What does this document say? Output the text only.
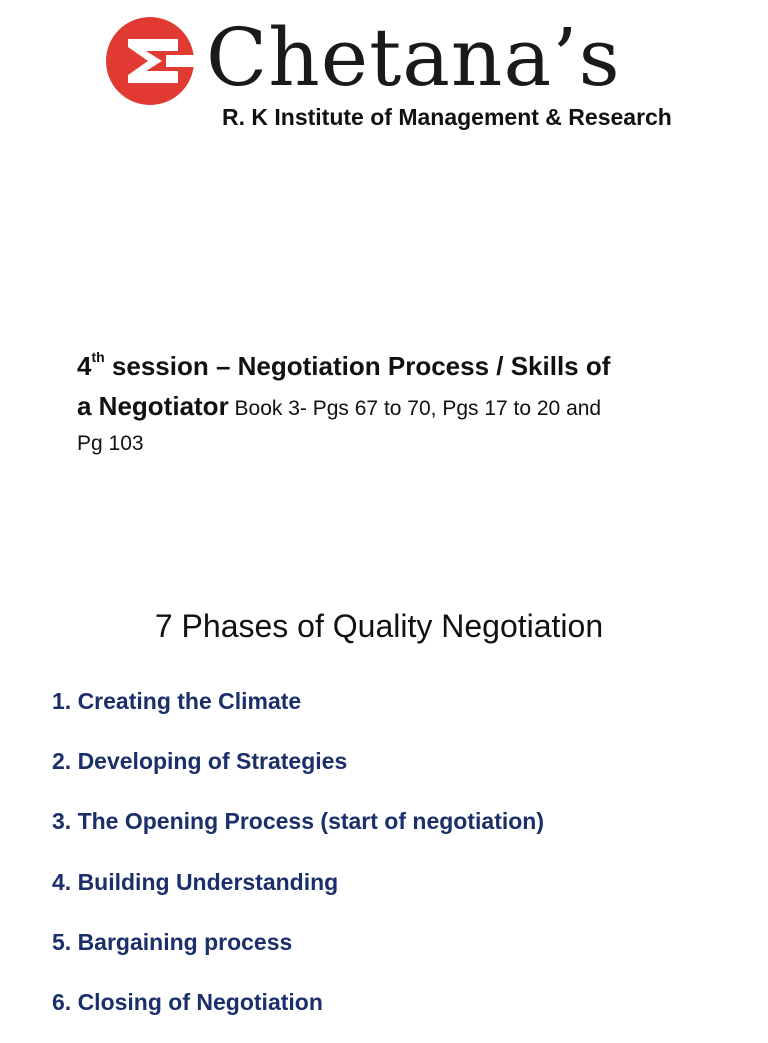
Chetana’s
R. K Institute of Management & Research
4th session – Negotiation Process / Skills of
a Negotiator Book 3- Pgs 67 to 70, Pgs 17 to 20 and
Pg 103
7 Phases of Quality Negotiation
1. Creating the Climate
2. Developing of Strategies
3. The Opening Process (start of negotiation)
4. Building Understanding
5. Bargaining process
6. Closing of Negotiation
